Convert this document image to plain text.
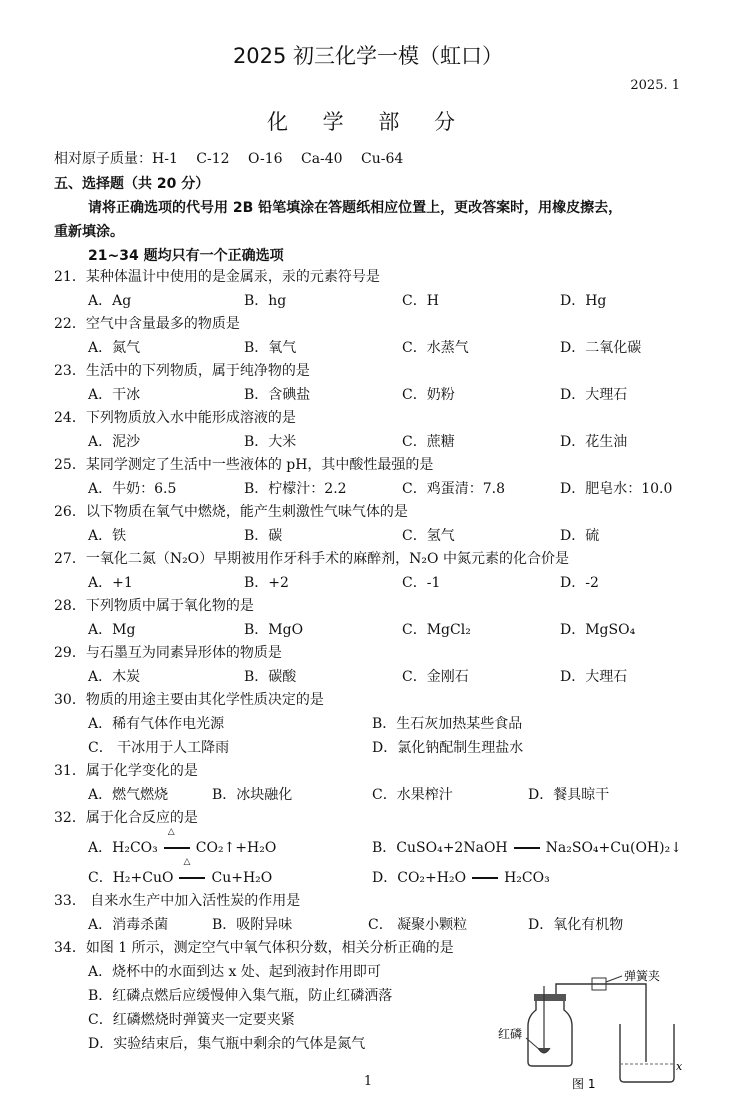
2025 初三化学一模（虹口）
2025. 1
化 学 部 分
相对原子质量：H-1　 C-12　 O-16　 Ca-40　 Cu-64
五、选择题（共 20 分）
请将正确选项的代号用 2B 铅笔填涂在答题纸相应位置上，更改答案时，用橡皮擦去，
重新填涂。
21~34 题均只有一个正确选项
21．某种体温计中使用的是金属汞，汞的元素符号是
A．Ag	B．hg	C．H	D．Hg
22．空气中含量最多的物质是
A．氮气	B．氧气	C．水蒸气	D．二氧化碳
23．生活中的下列物质，属于纯净物的是
A．干冰	B．含碘盐	C．奶粉	D．大理石
24．下列物质放入水中能形成溶液的是
A．泥沙	B．大米	C．蔗糖	D．花生油
25．某同学测定了生活中一些液体的 pH，其中酸性最强的是
A．牛奶：6.5	B．柠檬汁：2.2	C．鸡蛋清：7.8	D．肥皂水：10.0
26．以下物质在氧气中燃烧，能产生刺激性气味气体的是
A．铁	B．碳	C．氢气	D．硫
27．一氧化二氮（N₂O）早期被用作牙科手术的麻醉剂，N₂O 中氮元素的化合价是
A．+1	B．+2	C．-1	D．-2
28．下列物质中属于氧化物的是
A．Mg	B．MgO	C．MgCl₂	D．MgSO₄
29．与石墨互为同素异形体的物质是
A．木炭	B．碳酸	C．金刚石	D．大理石
30．物质的用途主要由其化学性质决定的是
A．稀有气体作电光源	B．生石灰加热某些食品
C． 干冰用于人工降雨	D．氯化钠配制生理盐水
31．属于化学变化的是
A．燃气燃烧	B．冰块融化	C．水果榨汁	D．餐具晾干
32．属于化合反应的是
A．H₂CO₃
△
CO₂↑+H₂O	B．CuSO₄+2NaOH	Na₂SO₄+Cu(OH)₂↓
C．H₂+CuO
△
Cu+H₂O	D．CO₂+H₂O	H₂CO₃
33． 自来水生产中加入活性炭的作用是
A．消毒杀菌	B．吸附异味	C． 凝聚小颗粒	D．氧化有机物
34．如图 1 所示，测定空气中氧气体积分数，相关分析正确的是
A．烧杯中的水面到达 x 处、起到液封作用即可
B．红磷点燃后应缓慢伸入集气瓶，防止红磷洒落
C．红磷燃烧时弹簧夹一定要夹紧
D．实验结束后，集气瓶中剩余的气体是氮气
弹簧夹
红磷
x
图 1
1
